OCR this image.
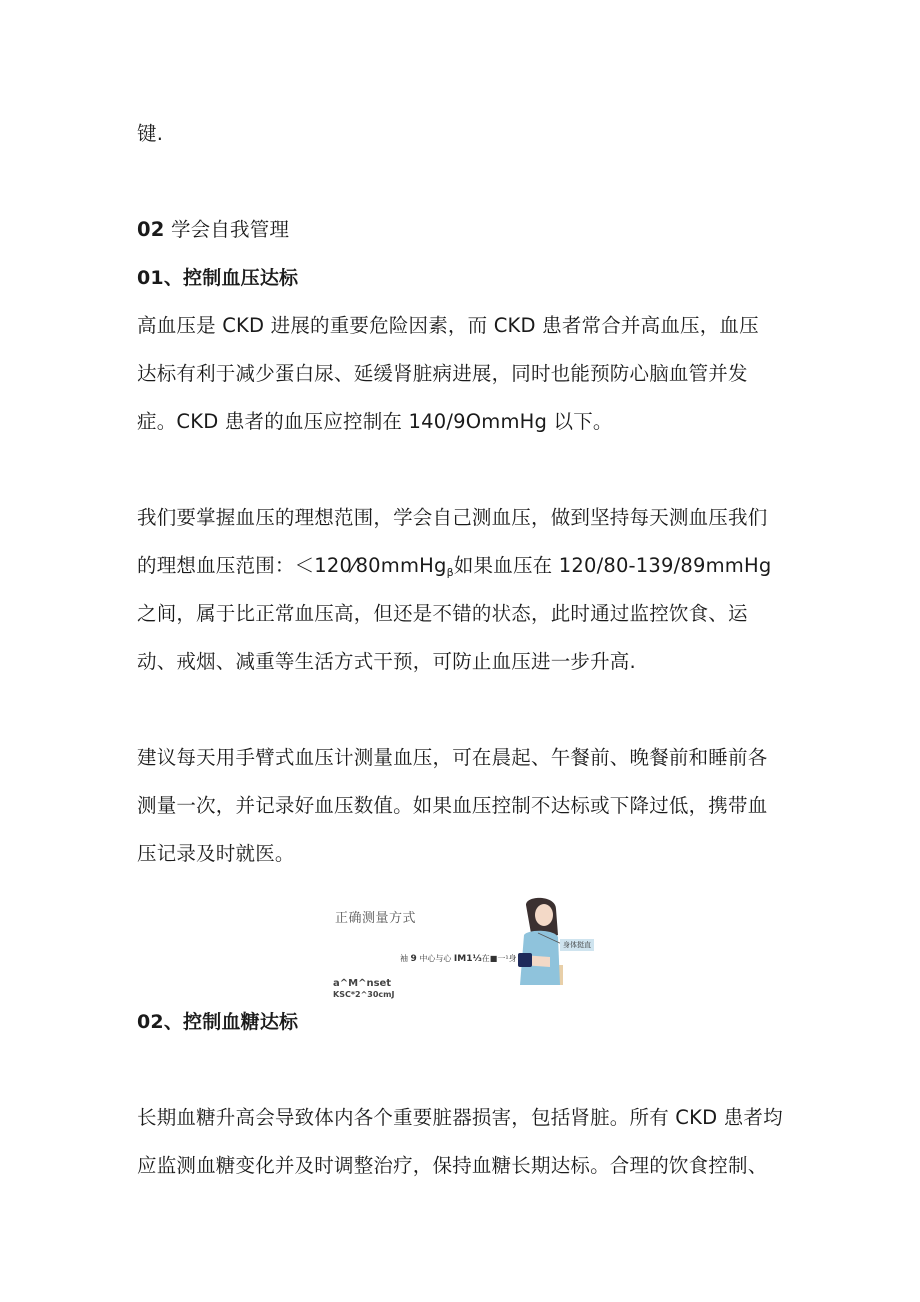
键.
02 学会自我管理
01、控制血压达标
高血压是 CKD 进展的重要危险因素，而 CKD 患者常合并高血压，血压
达标有利于减少蛋白尿、延缓肾脏病进展，同时也能预防心脑血管并发
症。CKD 患者的血压应控制在 140/9OmmHg 以下。
我们要掌握血压的理想范围，学会自己测血压，做到坚持每天测血压我们
的理想血压范围：＜120⁄80mmHg$_\beta$如果血压在 120/80-139/89mmHg
之间，属于比正常血压高，但还是不错的状态，此时通过监控饮食、运
动、戒烟、减重等生活方式干预，可防止血压进一步升高.
建议每天用手臂式血压计测量血压，可在晨起、午餐前、晚餐前和睡前各
测量一次，并记录好血压数值。如果血压控制不达标或下降过低，携带血
压记录及时就医。
正确测量方式
袖 9 中心与心 IM1⅓在■一¹身
a^M^nset
KSC*2^30cmJ
身体挺直
02、控制血糖达标
长期血糖升高会导致体内各个重要脏器损害，包括肾脏。所有 CKD 患者均
应监测血糖变化并及时调整治疗，保持血糖长期达标。合理的饮食控制、
